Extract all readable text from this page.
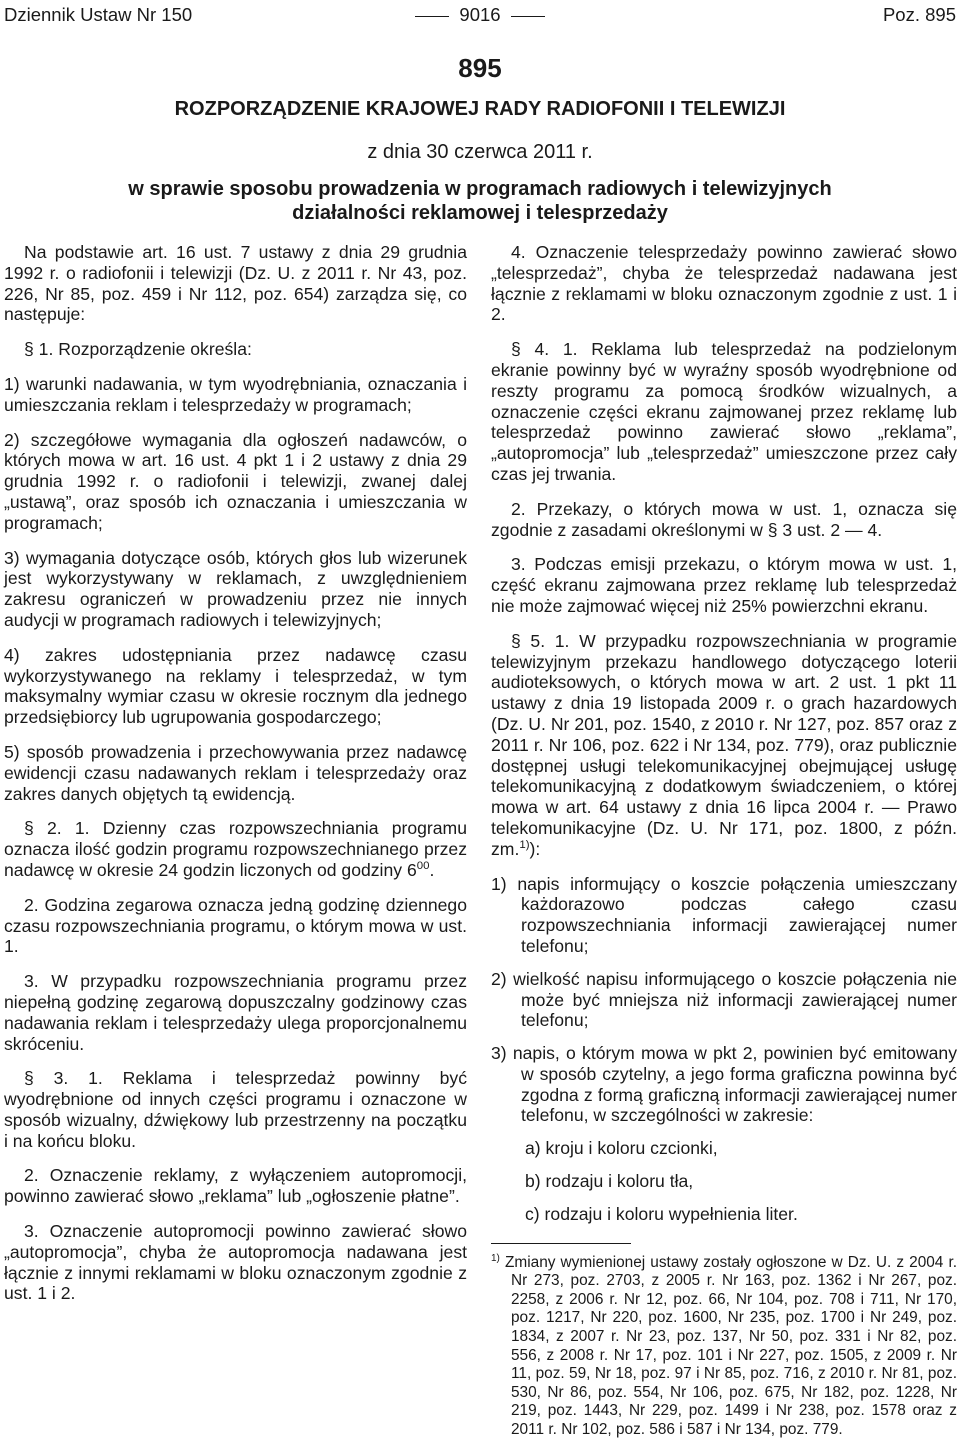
Dziennik Ustaw Nr 150	9016	Poz. 895
895
ROZPORZĄDZENIE KRAJOWEJ RADY RADIOFONII I TELEWIZJI
z dnia 30 czerwca 2011 r.
w sprawie sposobu prowadzenia w programach radiowych i telewizyjnych działalności reklamowej i telesprzedaży

Na podstawie art. 16 ust. 7 ustawy z dnia 29 grudnia 1992 r. o radiofonii i telewizji (Dz. U. z 2011 r. Nr 43, poz. 226, Nr 85, poz. 459 i Nr 112, poz. 654) zarządza się, co następuje:

§ 1. Rozporządzenie określa:

1) warunki nadawania, w tym wyodrębniania, oznaczania i umieszczania reklam i telesprzedaży w programach;
2) szczegółowe wymagania dla ogłoszeń nadawców, o których mowa w art. 16 ust. 4 pkt 1 i 2 ustawy z dnia 29 grudnia 1992 r. o radiofonii i telewizji, zwanej dalej „ustawą”, oraz sposób ich oznaczania i umieszczania w programach;
3) wymagania dotyczące osób, których głos lub wizerunek jest wykorzystywany w reklamach, z uwzględnieniem zakresu ograniczeń w prowadzeniu przez nie innych audycji w programach radiowych i telewizyjnych;
4) zakres udostępniania przez nadawcę czasu wykorzystywanego na reklamy i telesprzedaż, w tym maksymalny wymiar czasu w okresie rocznym dla jednego przedsiębiorcy lub ugrupowania gospodarczego;
5) sposób prowadzenia i przechowywania przez nadawcę ewidencji czasu nadawanych reklam i telesprzedaży oraz zakres danych objętych tą ewidencją.

§ 2. 1. Dzienny czas rozpowszechniania programu oznacza ilość godzin programu rozpowszechnianego przez nadawcę w okresie 24 godzin liczonych od godziny $6^{00}$.

2. Godzina zegarowa oznacza jedną godzinę dziennego czasu rozpowszechniania programu, o którym mowa w ust. 1.

3. W przypadku rozpowszechniania programu przez niepełną godzinę zegarową dopuszczalny godzinowy czas nadawania reklam i telesprzedaży ulega proporcjonalnemu skróceniu.

§ 3. 1. Reklama i telesprzedaż powinny być wyodrębnione od innych części programu i oznaczone w sposób wizualny, dźwiękowy lub przestrzenny na początku i na końcu bloku.

2. Oznaczenie reklamy, z wyłączeniem autopromocji, powinno zawierać słowo „reklama” lub „ogłoszenie płatne”.

3. Oznaczenie autopromocji powinno zawierać słowo „autopromocja”, chyba że autopromocja nadawana jest łącznie z innymi reklamami w bloku oznaczonym zgodnie z ust. 1 i 2.

4. Oznaczenie telesprzedaży powinno zawierać słowo „telesprzedaż”, chyba że telesprzedaż nadawana jest łącznie z reklamami w bloku oznaczonym zgodnie z ust. 1 i 2.

§ 4. 1. Reklama lub telesprzedaż na podzielonym ekranie powinny być w wyraźny sposób wyodrębnione od reszty programu za pomocą środków wizualnych, a oznaczenie części ekranu zajmowanej przez reklamę lub telesprzedaż powinno zawierać słowo „reklama”, „autopromocja” lub „telesprzedaż” umieszczone przez cały czas jej trwania.

2. Przekazy, o których mowa w ust. 1, oznacza się zgodnie z zasadami określonymi w § 3 ust. 2 — 4.

3. Podczas emisji przekazu, o którym mowa w ust. 1, część ekranu zajmowana przez reklamę lub telesprzedaż nie może zajmować więcej niż 25% powierzchni ekranu.

§ 5. 1. W przypadku rozpowszechniania w programie telewizyjnym przekazu handlowego dotyczącego loterii audioteksowych, o których mowa w art. 2 ust. 1 pkt 11 ustawy z dnia 19 listopada 2009 r. o grach hazardowych (Dz. U. Nr 201, poz. 1540, z 2010 r. Nr 127, poz. 857 oraz z 2011 r. Nr 106, poz. 622 i Nr 134, poz. 779), oraz publicznie dostępnej usługi telekomunikacyjnej obejmującej usługę telekomunikacyjną z dodatkowym świadczeniem, o której mowa w art. 64 ustawy z dnia 16 lipca 2004 r. — Prawo telekomunikacyjne (Dz. U. Nr 171, poz. 1800, z późn. zm.$^{1)}$):

1) napis informujący o koszcie połączenia umieszczany każdorazowo podczas całego czasu rozpowszechniania informacji zawierającej numer telefonu;
2) wielkość napisu informującego o koszcie połączenia nie może być mniejsza niż informacji zawierającej numer telefonu;
3) napis, o którym mowa w pkt 2, powinien być emitowany w sposób czytelny, a jego forma graficzna powinna być zgodna z formą graficzną informacji zawierającej numer telefonu, w szczególności w zakresie:
a) kroju i koloru czcionki,
b) rodzaju i koloru tła,
c) rodzaju i koloru wypełnienia liter.

$^{1)}$ Zmiany wymienionej ustawy zostały ogłoszone w Dz. U. z 2004 r. Nr 273, poz. 2703, z 2005 r. Nr 163, poz. 1362 i Nr 267, poz. 2258, z 2006 r. Nr 12, poz. 66, Nr 104, poz. 708 i 711, Nr 170, poz. 1217, Nr 220, poz. 1600, Nr 235, poz. 1700 i Nr 249, poz. 1834, z 2007 r. Nr 23, poz. 137, Nr 50, poz. 331 i Nr 82, poz. 556, z 2008 r. Nr 17, poz. 101 i Nr 227, poz. 1505, z 2009 r. Nr 11, poz. 59, Nr 18, poz. 97 i Nr 85, poz. 716, z 2010 r. Nr 81, poz. 530, Nr 86, poz. 554, Nr 106, poz. 675, Nr 182, poz. 1228, Nr 219, poz. 1443, Nr 229, poz. 1499 i Nr 238, poz. 1578 oraz z 2011 r. Nr 102, poz. 586 i 587 i Nr 134, poz. 779.
